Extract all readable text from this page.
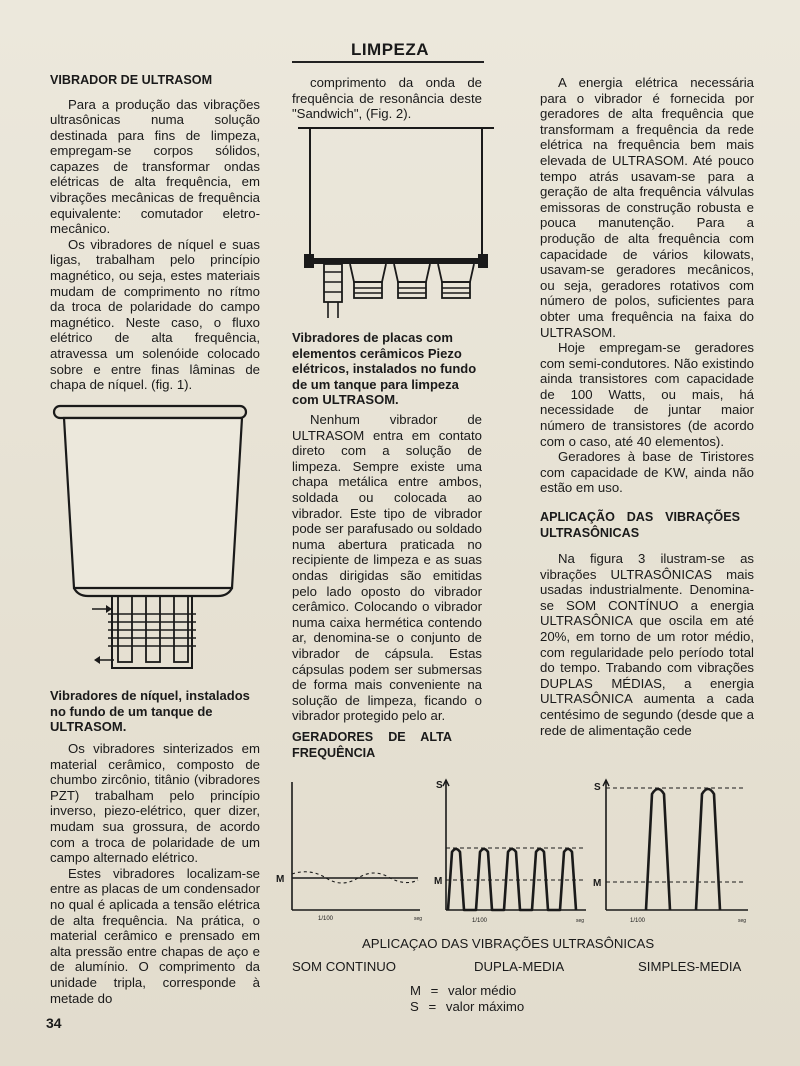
LIMPEZA
VIBRADOR DE ULTRASOM

Para a produção das vibrações ultrasônicas numa solução destinada para fins de limpeza, empregam-se corpos sólidos, capazes de transformar ondas elétricas de alta frequência, em vibrações mecânicas de frequência equivalente: comutador eletro-mecânico.

Os vibradores de níquel e suas ligas, trabalham pelo princípio magnético, ou seja, estes materiais mudam de comprimento no rítmo da troca de polaridade do campo magnético. Neste caso, o fluxo elétrico de alta frequência, atravessa um solenóide colocado sobre e entre finas lâminas de chapa de níquel. (fig. 1).

Vibradores de níquel, instalados no fundo de um tanque de ULTRASOM.

Os vibradores sinterizados em material cerâmico, composto de chumbo zircônio, titânio (vibradores PZT) trabalham pelo princípio inverso, piezo-elétrico, quer dizer, mudam sua grossura, de acordo com a troca de polaridade de um campo alternado elétrico.

Estes vibradores localizam-se entre as placas de um condensador no qual é aplicada a tensão elétrica de alta frequência. Na prática, o material cerâmico e prensado em alta pressão entre chapas de aço e de alumínio. O comprimento da unidade tripla, corresponde à metade do

34

comprimento da onda de frequência de resonância deste "Sandwich", (Fig. 2).

Vibradores de placas com elementos cerâmicos Piezo elétricos, instalados no fundo de um tanque para limpeza com ULTRASOM.

Nenhum vibrador de ULTRASOM entra em contato direto com a solução de limpeza. Sempre existe uma chapa metálica entre ambos, soldada ou colocada ao vibrador. Este tipo de vibrador pode ser parafusado ou soldado numa abertura praticada no recipiente de limpeza e as suas ondas dirigidas são emitidas pelo lado oposto do vibrador cerâmico. Colocando o vibrador numa caixa hermética contendo ar, denomina-se o conjunto de vibrador de cápsula. Estas cápsulas podem ser submersas de forma mais conveniente na solução de limpeza, ficando o vibrador protegido pelo ar.

GERADORES DE ALTA FREQUÊNCIA

A energia elétrica necessária para o vibrador é fornecida por geradores de alta frequência que transformam a frequência da rede elétrica na frequência bem mais elevada de ULTRASOM. Até pouco tempo atrás usavam-se para a geração de alta frequência válvulas emissoras de construção robusta e pouca manutenção. Para a produção de alta frequência com capacidade de vários kilowats, usavam-se geradores mecânicos, ou seja, geradores rotativos com número de polos, suficientes para obter uma frequência na faixa do ULTRASOM.

Hoje empregam-se geradores com semi-condutores. Não existindo ainda transistores com capacidade de 100 Watts, ou mais, há necessidade de juntar maior número de transistores (de acordo com o caso, até 40 elementos).

Geradores à base de Tiristores com capacidade de KW, ainda não estão em uso.

APLICAÇÃO DAS VIBRAÇÕES ULTRASÔNICAS

Na figura 3 ilustram-se as vibrações ULTRASÔNICAS mais usadas industrialmente. Denomina-se SOM CONTÍNUO a energia ULTRASÔNICA que oscila em até 20%, em torno de um rotor médio, com regularidade pelo período total do tempo. Trabando com vibrações DUPLAS MÉDIAS, a energia ULTRASÔNICA aumenta a cada centésimo de segundo (desde que a rede de alimentação cede

M
1/100	seg
S
M
1/100	seg
S
M
1/100	seg
APLICAÇAO DAS VIBRAÇÕES ULTRASÔNICAS
SOM CONTINUO	DUPLA-MEDIA	SIMPLES-MEDIA
M = valor médio
S = valor máximo
